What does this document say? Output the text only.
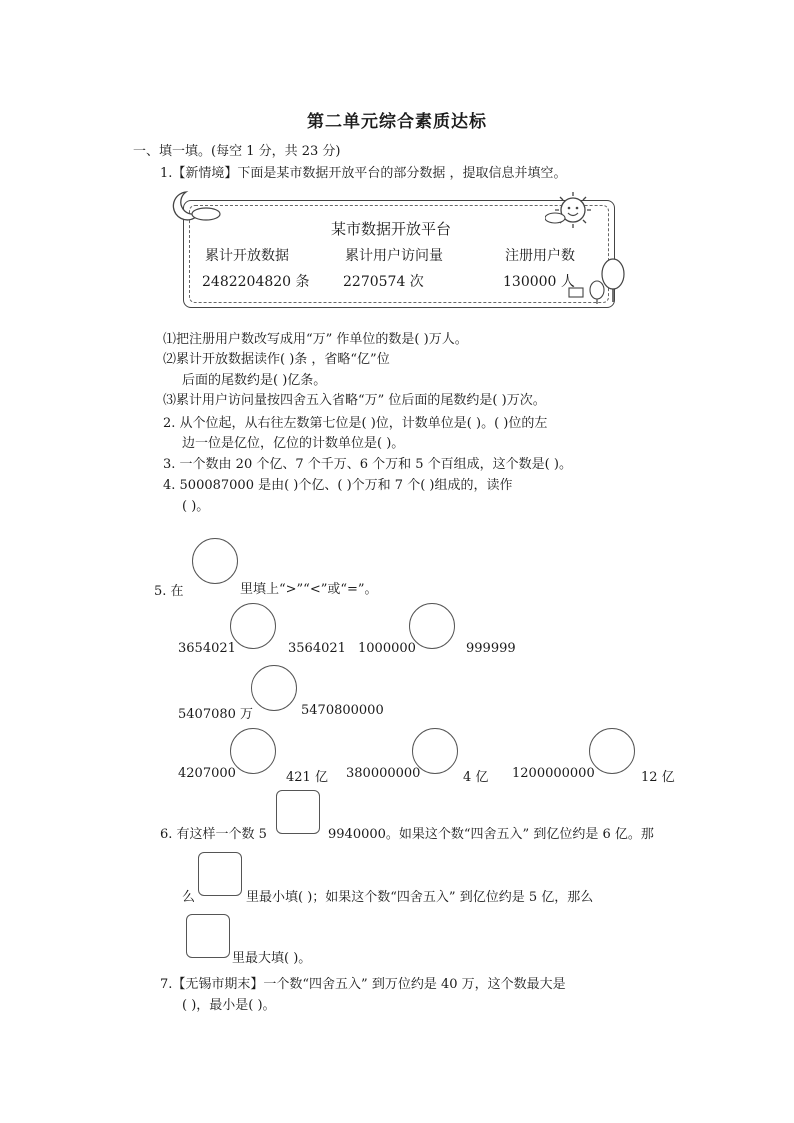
第二单元综合素质达标
一、填一填。(每空 1 分，共 23 分)
1.【新情境】下面是某市数据开放平台的部分数据 ，提取信息并填空。
某市数据开放平台
累计开放数据	累计用户访问量	注册用户数
2482204820 条 2270574 次	130000 人
⑴把注册用户数改写成用“万” 作单位的数是( )万人。
⑵累计开放数据读作( )条 ，省略“亿”位
后面的尾数约是( )亿条。
⑶累计用户访问量按四舍五入省略“万” 位后面的尾数约是( )万次。
2. 从个位起，从右往左数第七位是( )位，计数单位是( )。( )位的左
边一位是亿位，亿位的计数单位是( )。
3. 一个数由 20 个亿、7 个千万、6 个万和 5 个百组成，这个数是( )。
4. 500087000 是由( )个亿、( )个万和 7 个( )组成的，读作
( )。
5. 在	里填上“>”“<”或“=”。
3654021	3564021 1000000	999999
5407080 万	5470800000
4207000	421 亿 380000000	4 亿 1200000000	12 亿
6. 有这样一个数 5	9940000。如果这个数“四舍五入” 到亿位约是 6 亿。那
么	里最小填( )；如果这个数“四舍五入” 到亿位约是 5 亿，那么
里最大填( )。
7.【无锡市期末】一个数“四舍五入” 到万位约是 40 万，这个数最大是
( )，最小是( )。
